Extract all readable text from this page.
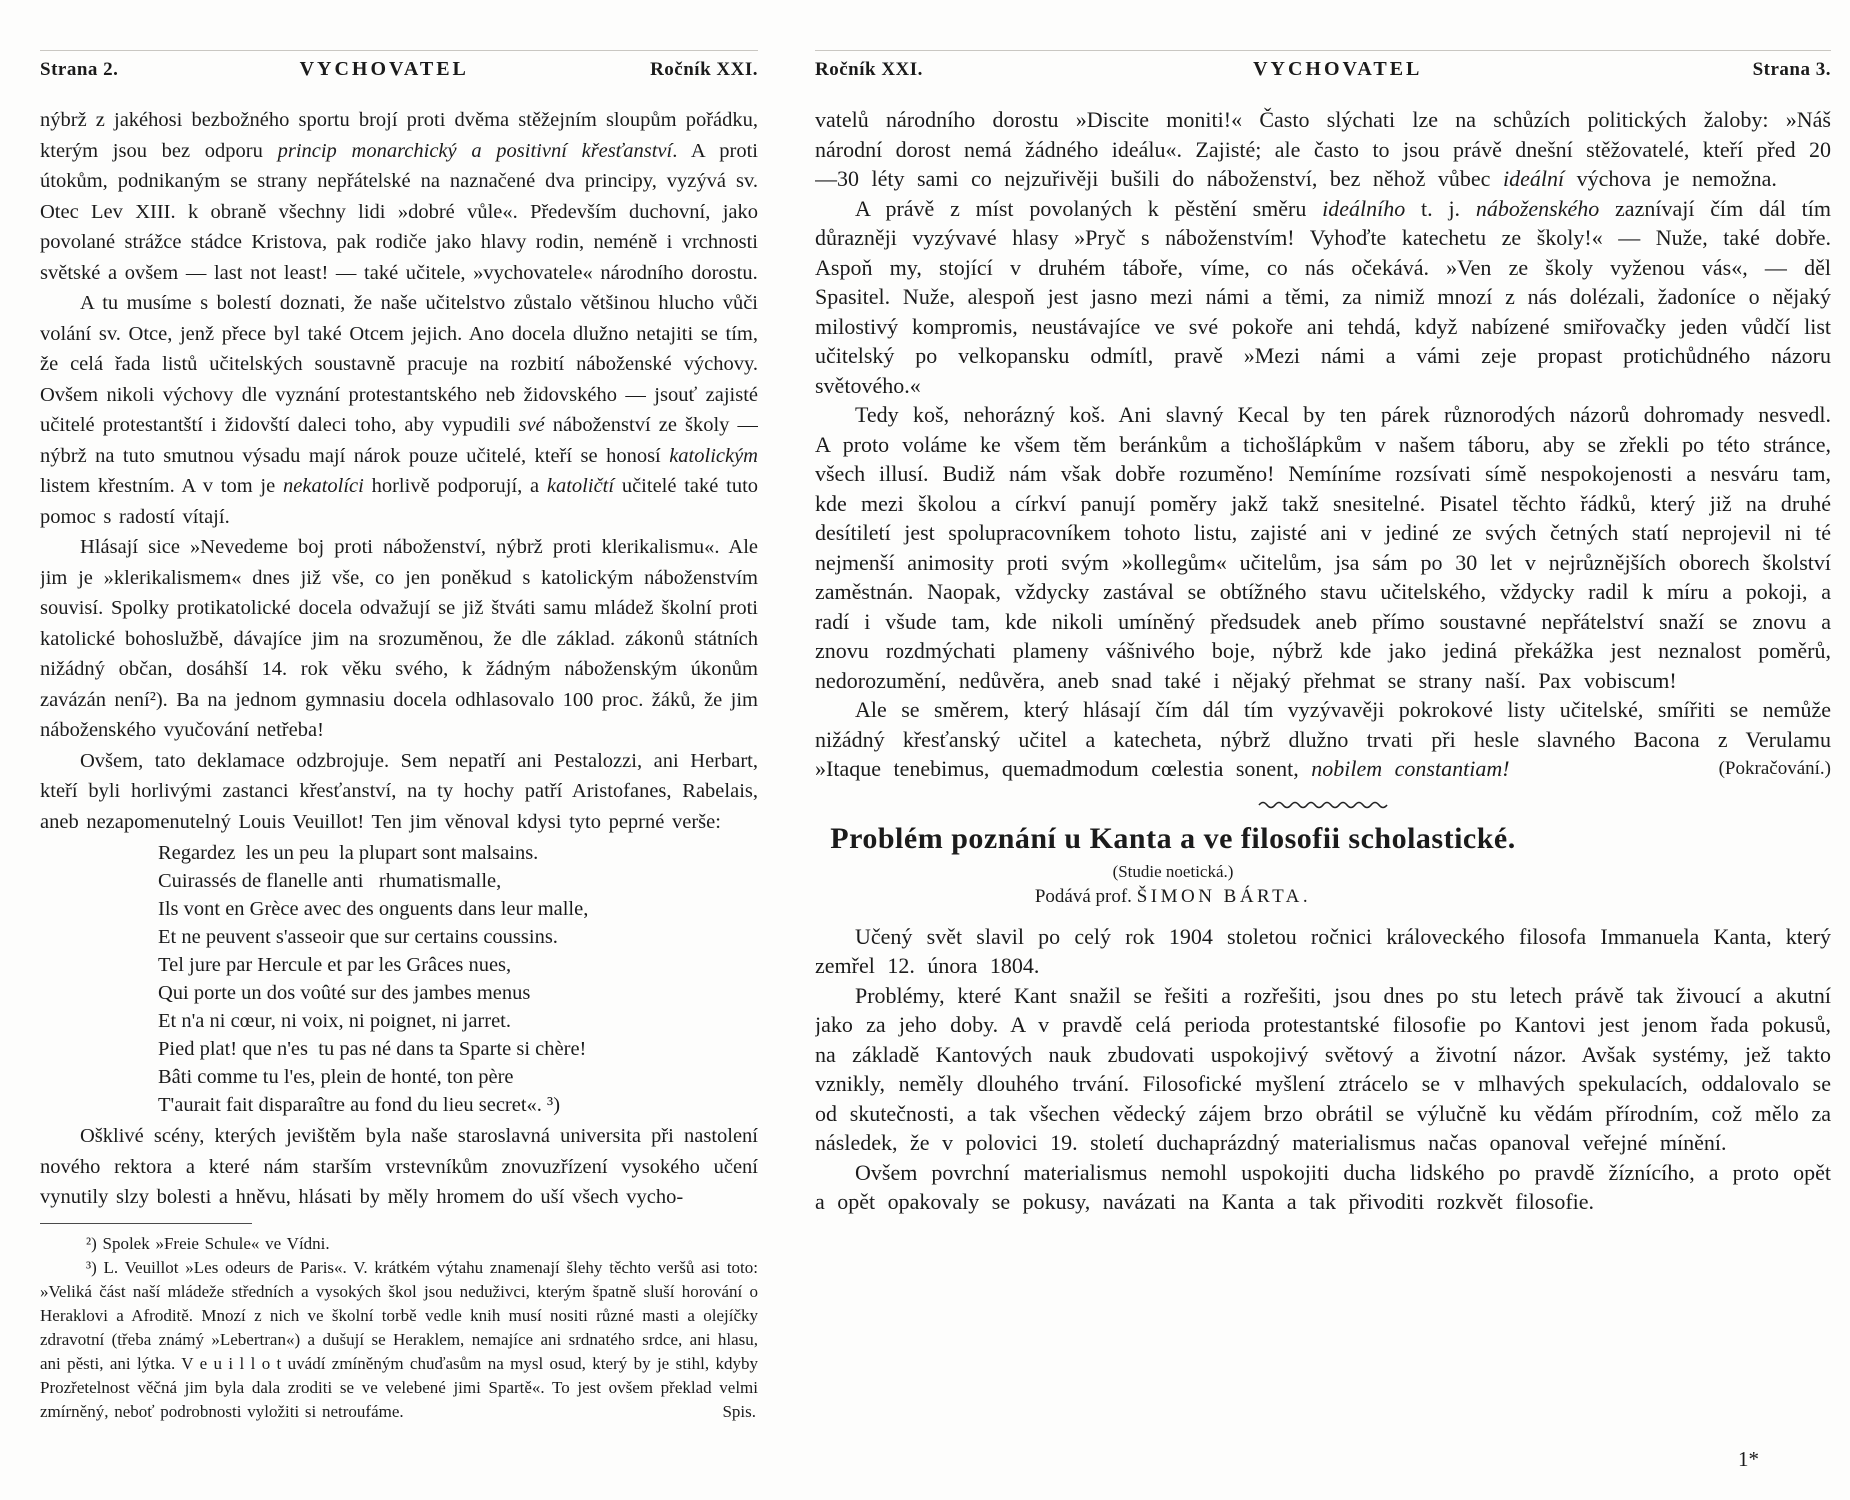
Strana 2.	VYCHOVATEL	Ročník XXI.

nýbrž z jakéhosi bezbožného sportu brojí proti dvěma stěžejním sloupům pořádku, kterým jsou bez odporu princip monarchický a positivní křesťanství. A proti útokům, podnikaným se strany nepřátelské na naznačené dva principy, vyzývá sv. Otec Lev XIII. k obraně všechny lidi »dobré vůle«. Především duchovní, jako povolané strážce stádce Kristova, pak rodiče jako hlavy rodin, neméně i vrchnosti světské a ovšem — last not least! — také učitele, »vychovatele« národního dorostu.

A tu musíme s bolestí doznati, že naše učitelstvo zůstalo většinou hlucho vůči volání sv. Otce, jenž přece byl také Otcem jejich. Ano docela dlužno netajiti se tím, že celá řada listů učitelských soustavně pracuje na rozbití náboženské výchovy. Ovšem nikoli výchovy dle vyznání protestantského neb židovského — jsouť zajisté učitelé protestantští i židovští daleci toho, aby vypudili své náboženství ze školy — nýbrž na tuto smutnou výsadu mají nárok pouze učitelé, kteří se honosí katolickým listem křestním. A v tom je nekatolíci horlivě podporují, a katoličtí učitelé také tuto pomoc s radostí vítají.

Hlásají sice »Nevedeme boj proti náboženství, nýbrž proti klerikalismu«. Ale jim je »klerikalismem« dnes již vše, co jen poněkud s katolickým náboženstvím souvisí. Spolky protikatolické docela odvažují se již štváti samu mládež školní proti katolické bohoslužbě, dávajíce jim na srozuměnou, že dle základ. zákonů státních nižádný občan, dosáhší 14. rok věku svého, k žádným náboženským úkonům zavázán není²). Ba na jednom gymnasiu docela odhlasovalo 100 proc. žáků, že jim náboženského vyučování netřeba!

Ovšem, tato deklamace odzbrojuje. Sem nepatří ani Pestalozzi, ani Herbart, kteří byli horlivými zastanci křesťanství, na ty hochy patří Aristofanes, Rabelais, aneb nezapomenutelný Louis Veuillot! Ten jim věnoval kdysi tyto peprné verše:

Regardez  les un peu  la plupart sont malsains.
Cuirassés de flanelle anti   rhumatismalle,
Ils vont en Grèce avec des onguents dans leur malle,
Et ne peuvent s'asseoir que sur certains coussins.
Tel jure par Hercule et par les Grâces nues,
Qui porte un dos voûté sur des jambes menus
Et n'a ni cœur, ni voix, ni poignet, ni jarret.
Pied plat! que n'es  tu pas né dans ta Sparte si chère!
Bâti comme tu l'es, plein de honté, ton père
T'aurait fait disparaître au fond du lieu secret«. ³)

Ošklivé scény, kterých jevištěm byla naše staroslavná universita při nastolení nového rektora a které nám starším vrstevníkům znovuzřízení vysokého učení vynutily slzy bolesti a hněvu, hlásati by měly hromem do uší všech vycho-

²) Spolek »Freie Schule« ve Vídni.

³) L. Veuillot »Les odeurs de Paris«. V. krátkém výtahu znamenají šlehy těchto veršů asi toto: »Veliká část naší mládeže středních a vysokých škol jsou neduživci, kterým špatně sluší horování o Heraklovi a Afroditě. Mnozí z nich ve školní torbě vedle knih musí nositi různé masti a olejíčky zdravotní (třeba známý »Lebertran«) a dušují se Heraklem, nemajíce ani srdnatého srdce, ani hlasu, ani pěsti, ani lýtka. V e u i l l o t uvádí zmíněným chuďasům na mysl osud, který by je stihl, kdyby Prozřetelnost věčná jim byla dala zroditi se ve velebené jimi Spartě«. To jest ovšem překlad velmi zmírněný, neboť podrobnosti vyložiti si netroufáme.	Spis.

Ročník XXI.	VYCHOVATEL	Strana 3.

vatelů národního dorostu »Discite moniti!« Často slýchati lze na schůzích politických žaloby: »Náš národní dorost nemá žádného ideálu«. Zajisté; ale často to jsou právě dnešní stěžovatelé, kteří před 20—30 léty sami co nejzuřivěji bušili do náboženství, bez něhož vůbec ideální výchova je nemožna.

A právě z míst povolaných k pěstění směru ideálního t. j. náboženského zaznívají čím dál tím důrazněji vyzývavé hlasy »Pryč s náboženstvím! Vyhoďte katechetu ze školy!« — Nuže, také dobře. Aspoň my, stojící v druhém táboře, víme, co nás očekává. »Ven ze školy vyženou vás«, — děl Spasitel. Nuže, alespoň jest jasno mezi námi a těmi, za nimiž mnozí z nás dolézali, žadoníce o nějaký milostivý kompromis, neustávajíce ve své pokoře ani tehdá, když nabízené smiřovačky jeden vůdčí list učitelský po velkopansku odmítl, pravě »Mezi námi a vámi zeje propast protichůdného názoru světového.«

Tedy koš, nehorázný koš. Ani slavný Kecal by ten párek různorodých názorů dohromady nesvedl. A proto voláme ke všem těm beránkům a tichošlápkům v našem táboru, aby se zřekli po této stránce, všech illusí. Budiž nám však dobře rozuměno! Nemíníme rozsívati símě nespokojenosti a nesváru tam, kde mezi školou a církví panují poměry jakž takž snesitelné. Pisatel těchto řádků, který již na druhé desítiletí jest spolupracovníkem tohoto listu, zajisté ani v jediné ze svých četných statí neprojevil ni té nejmenší animosity proti svým »kollegům« učitelům, jsa sám po 30 let v nejrůznějších oborech školství zaměstnán. Naopak, vždycky zastával se obtížného stavu učitelského, vždycky radil k míru a pokoji, a radí i všude tam, kde nikoli umíněný předsudek aneb přímo soustavné nepřátelství snaží se znovu a znovu rozdmýchati plameny vášnivého boje, nýbrž kde jako jediná překážka jest neznalost poměrů, nedorozumění, nedůvěra, aneb snad také i nějaký přehmat se strany naší. Pax vobiscum!

Ale se směrem, který hlásají čím dál tím vyzývavěji pokrokové listy učitelské, smířiti se nemůže nižádný křesťanský učitel a katecheta, nýbrž dlužno trvati při hesle slavného Bacona z Verulamu »Itaque tenebimus, quemadmodum cœlestia sonent, nobilem constantiam!	(Pokračování.)

Problém poznání u Kanta a ve filosofii scholastické.
(Studie noetická.)
Podává prof. ŠIMON BÁRTA.

Učený svět slavil po celý rok 1904 stoletou ročnici královeckého filosofa Immanuela Kanta, který zemřel 12. února 1804.

Problémy, které Kant snažil se řešiti a rozřešiti, jsou dnes po stu letech právě tak živoucí a akutní jako za jeho doby. A v pravdě celá perioda protestantské filosofie po Kantovi jest jenom řada pokusů, na základě Kantových nauk zbudovati uspokojivý světový a životní názor. Avšak systémy, jež takto vznikly, neměly dlouhého trvání. Filosofické myšlení ztrácelo se v mlhavých spekulacích, oddalovalo se od skutečnosti, a tak všechen vědecký zájem brzo obrátil se výlučně ku vědám přírodním, což mělo za následek, že v polovici 19. století duchaprázdný materialismus načas opanoval veřejné mínění.

Ovšem povrchní materialismus nemohl uspokojiti ducha lidského po pravdě žíznícího, a proto opět a opět opakovaly se pokusy, navázati na Kanta a tak přivoditi rozkvět filosofie.

1*
